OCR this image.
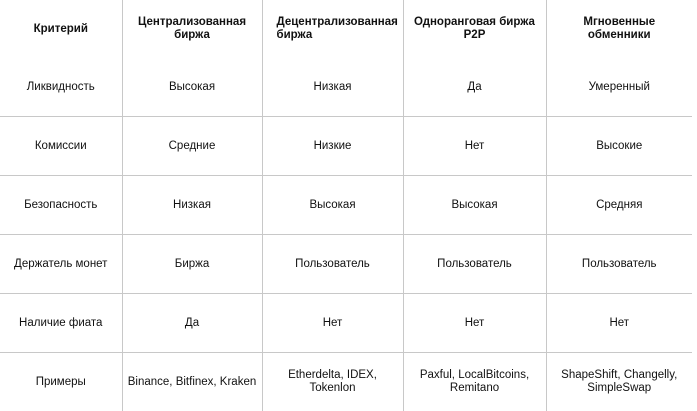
Критерий	Централизованная биржа	Децентрализованная биржа	Одноранговая биржа P2P	Мгновенные обменники
Ликвидность	Высокая	Низкая	Да	Умеренный
Комиссии	Средние	Низкие	Нет	Высокие
Безопасность	Низкая	Высокая	Высокая	Средняя
Держатель монет	Биржа	Пользователь	Пользователь	Пользователь
Наличие фиата	Да	Нет	Нет	Нет
Примеры	Binance, Bitfinex, Kraken	Etherdelta, IDEX, Tokenlon	Paxful, LocalBitcoins, Remitano	ShapeShift, Changelly, SimpleSwap
